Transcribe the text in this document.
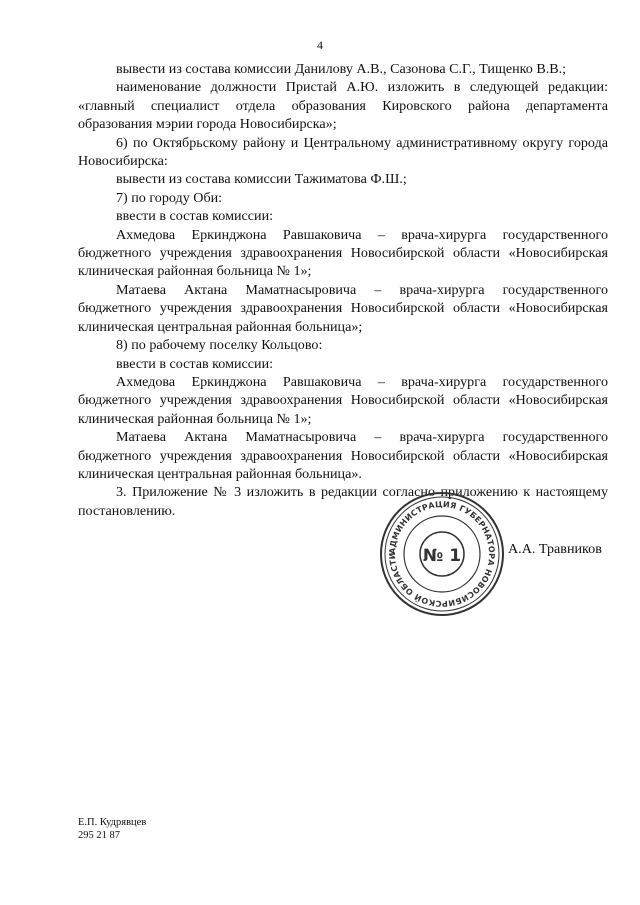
4

вывести из состава комиссии Данилову А.В., Сазонова С.Г., Тищенко В.В.;

наименование должности Пристай А.Ю. изложить в следующей редакции: «главный специалист отдела образования Кировского района департамента образования мэрии города Новосибирска»;

6) по Октябрьскому району и Центральному административному округу города Новосибирска:

вывести из состава комиссии Тажиматова Ф.Ш.;

7) по городу Оби:

ввести в состав комиссии:

Ахмедова Еркинджона Равшаковича – врача-хирурга государственного бюджетного учреждения здравоохранения Новосибирской области «Новосибирская клиническая районная больница № 1»;

Матаева Актана Маматнасыровича – врача-хирурга государственного бюджетного учреждения здравоохранения Новосибирской области «Новосибирская клиническая центральная районная больница»;

8) по рабочему поселку Кольцово:

ввести в состав комиссии:

Ахмедова Еркинджона Равшаковича – врача-хирурга государственного бюджетного учреждения здравоохранения Новосибирской области «Новосибирская клиническая районная больница № 1»;

Матаева Актана Маматнасыровича – врача-хирурга государственного бюджетного учреждения здравоохранения Новосибирской области «Новосибирская клиническая центральная районная больница».

3. Приложение № 3 изложить в редакции согласно приложению к настоящему постановлению.

АДМИНИСТРАЦИЯ ГУБЕРНАТОРА НОВОСИБИРСКОЙ ОБЛАСТИ	№ 1	А.А. Травников
Е.П. Кудрявцев
295 21 87
